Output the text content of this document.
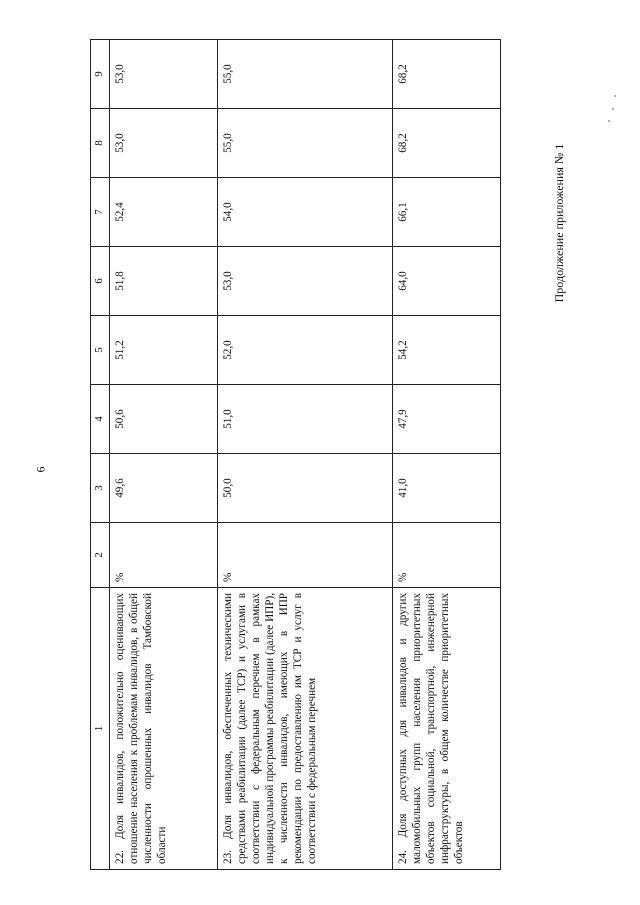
6
Продолжение приложения № 1
1	2	3	4	5	6	7	8	9
22. Доля инвалидов, положительно оценивающих отношение населения к проблемам инвалидов, в общей численности опрошенных инвалидов Тамбовской области	%	49,6	50,6	51,2	51,8	52,4	53,0	53,0
23. Доля инвалидов, обеспеченных техническими средствами реабилитации (далее ТСР) и услугами в соответствии с федеральным перечнем в рамках индивидуальной программы реабилитации (далее ИПР), к численности инвалидов, имеющих в ИПР рекомендации по предоставлению им ТСР и услуг в соответствии с федеральным перечнем	%	50,0	51,0	52,0	53,0	54,0	55,0	55,0
24. Доля доступных для инвалидов и других маломобильных групп населения приоритетных объектов социальной, транспортной, инженерной инфраструктуры, в общем количестве приоритетных объектов	%	41,0	47,9	54,2	64,0	66,1	68,2	68,2
